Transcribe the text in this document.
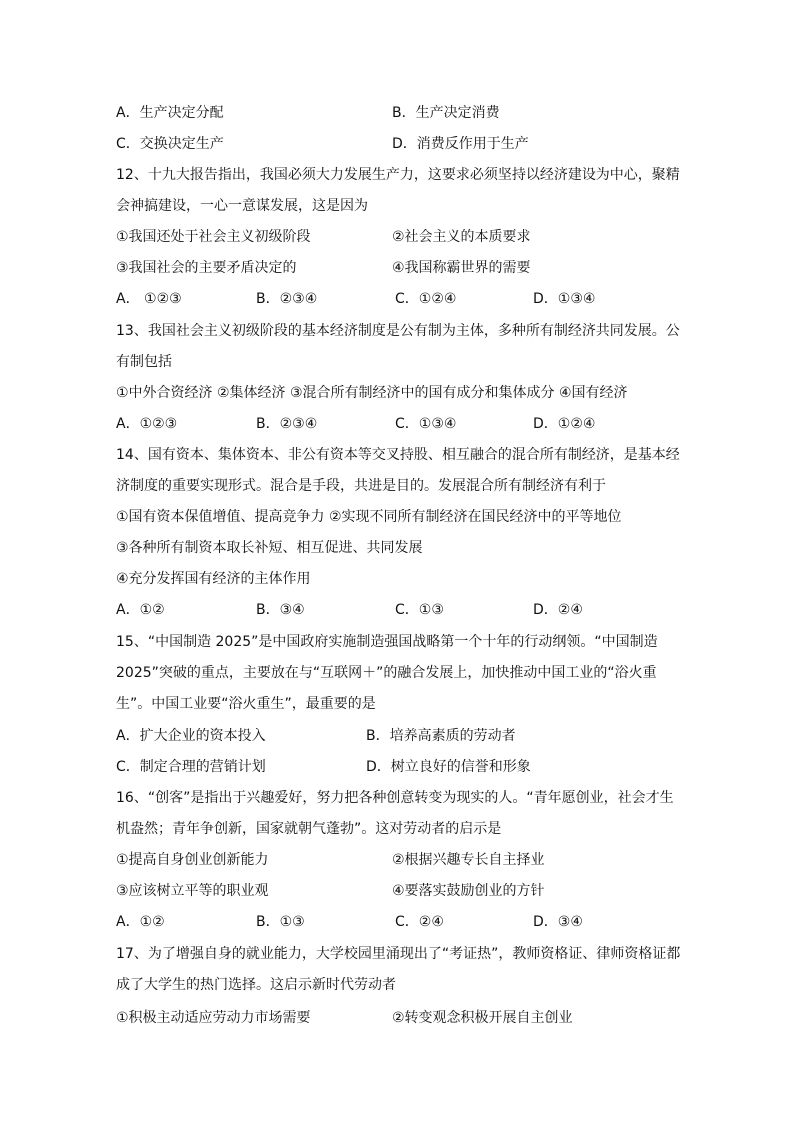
A．生产决定分配	B．生产决定消费
C．交换决定生产	D．消费反作用于生产
12、十九大报告指出，我国必须大力发展生产力，这要求必须坚持以经济建设为中心，聚精
会神搞建设，一心一意谋发展，这是因为
①我国还处于社会主义初级阶段	②社会主义的本质要求
③我国社会的主要矛盾决定的	④我国称霸世界的需要
A． ①②③	B．②③④	C．①②④	D．①③④
13、我国社会主义初级阶段的基本经济制度是公有制为主体，多种所有制经济共同发展。公
有制包括
①中外合资经济 ②集体经济 ③混合所有制经济中的国有成分和集体成分 ④国有经济
A．①②③	B．②③④	C．①③④	D．①②④
14、国有资本、集体资本、非公有资本等交叉持股、相互融合的混合所有制经济，是基本经
济制度的重要实现形式。混合是手段，共进是目的。发展混合所有制经济有利于
①国有资本保值增值、提高竞争力 ②实现不同所有制经济在国民经济中的平等地位
③各种所有制资本取长补短、相互促进、共同发展
④充分发挥国有经济的主体作用
A．①②	B．③④	C．①③	D．②④
15、“中国制造 2025”是中国政府实施制造强国战略第一个十年的行动纲领。“中国制造
2025”突破的重点，主要放在与“互联网＋”的融合发展上，加快推动中国工业的“浴火重
生”。中国工业要“浴火重生”，最重要的是
A．扩大企业的资本投入	B．培养高素质的劳动者
C．制定合理的营销计划	D．树立良好的信誉和形象
16、“创客”是指出于兴趣爱好，努力把各种创意转变为现实的人。“青年愿创业，社会才生
机盎然；青年争创新，国家就朝气蓬勃”。这对劳动者的启示是
①提高自身创业创新能力	②根据兴趣专长自主择业
③应该树立平等的职业观	④要落实鼓励创业的方针
A．①②	B．①③	C．②④	D．③④
17、为了增强自身的就业能力，大学校园里涌现出了“考证热”，教师资格证、律师资格证都
成了大学生的热门选择。这启示新时代劳动者
①积极主动适应劳动力市场需要	②转变观念积极开展自主创业
